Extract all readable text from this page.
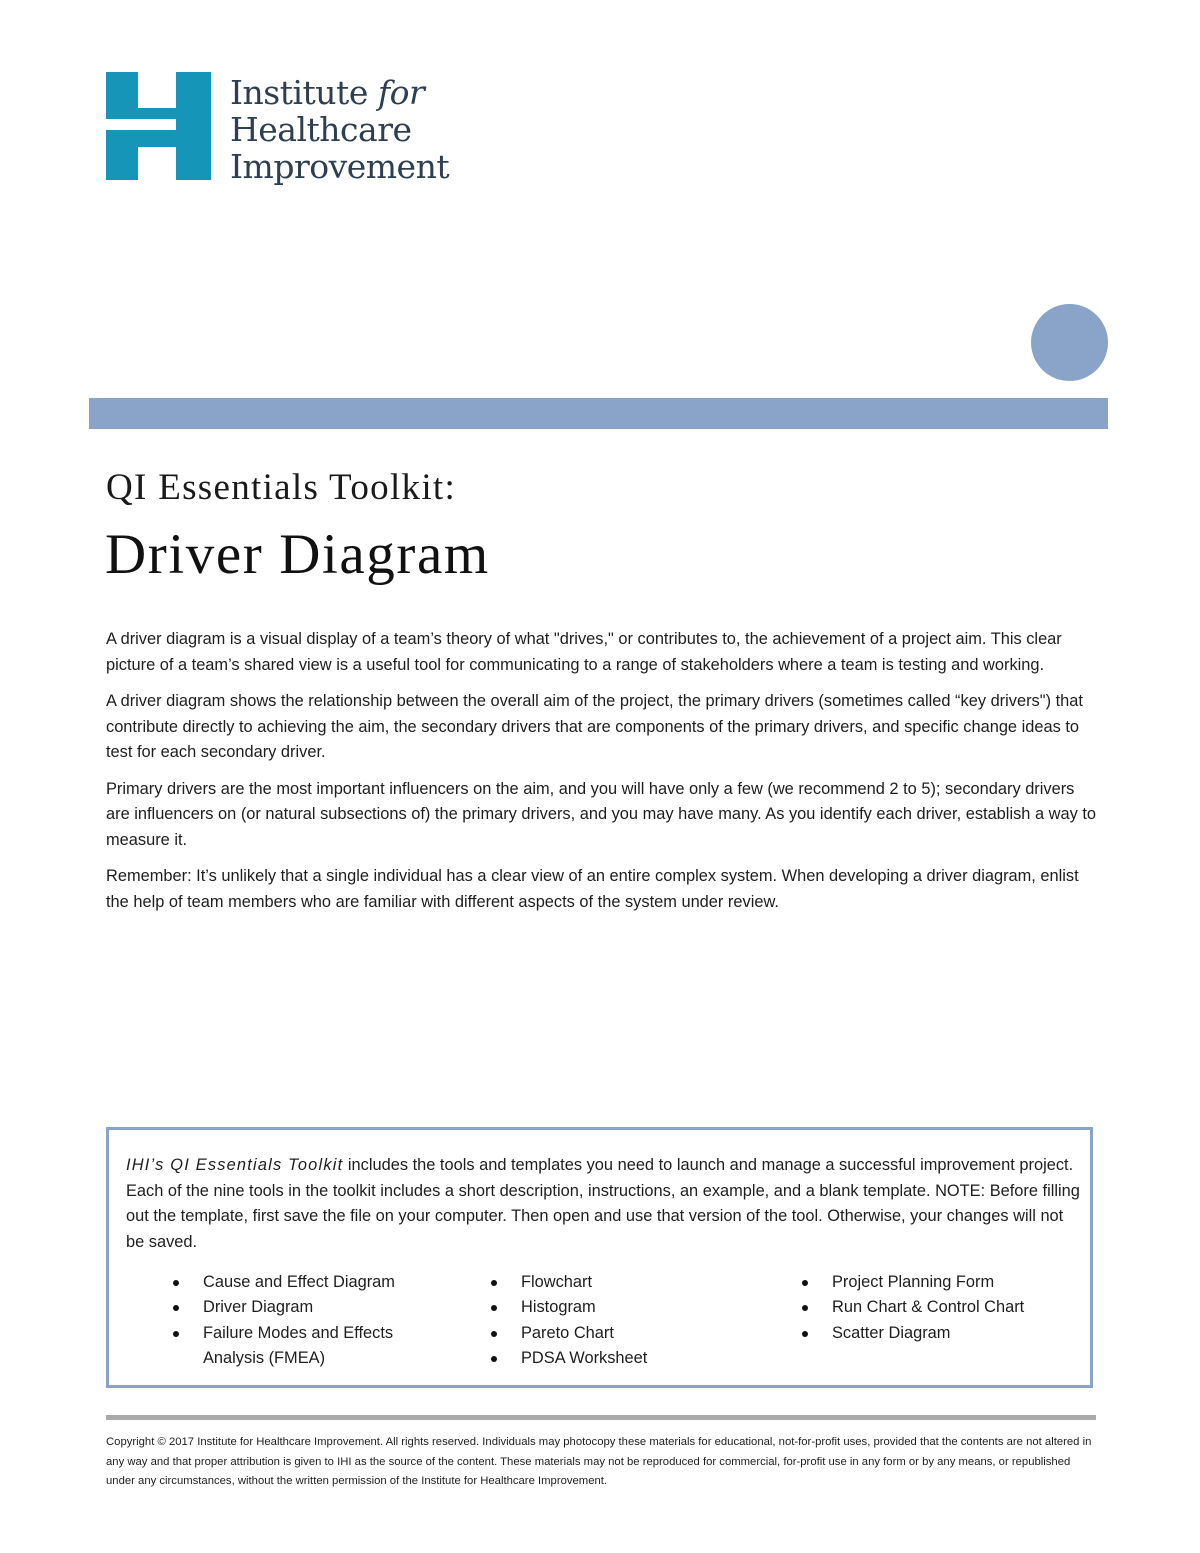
Institute for
Healthcare
Improvement
QI Essentials Toolkit:
Driver Diagram

A driver diagram is a visual display of a team’s theory of what "drives," or contributes to, the achievement of a project aim. This clear picture of a team’s shared view is a useful tool for communicating to a range of stakeholders where a team is testing and working.

A driver diagram shows the relationship between the overall aim of the project, the primary drivers (sometimes called “key drivers") that contribute directly to achieving the aim, the secondary drivers that are components of the primary drivers, and specific change ideas to test for each secondary driver.

Primary drivers are the most important influencers on the aim, and you will have only a few (we recommend 2 to 5); secondary drivers are influencers on (or natural subsections of) the primary drivers, and you may have many. As you identify each driver, establish a way to measure it.

Remember: It’s unlikely that a single individual has a clear view of an entire complex system. When developing a driver diagram, enlist the help of team members who are familiar with different aspects of the system under review.

IHI’s QI Essentials Toolkit includes the tools and templates you need to launch and manage a successful improvement project. Each of the nine tools in the toolkit includes a short description, instructions, an example, and a blank template. NOTE: Before filling out the template, first save the file on your computer. Then open and use that version of the tool. Otherwise, your changes will not be saved.

Cause and Effect Diagram
Driver Diagram
Failure Modes and Effects Analysis (FMEA)
Flowchart
Histogram
Pareto Chart
PDSA Worksheet
Project Planning Form
Run Chart & Control Chart
Scatter Diagram

Copyright © 2017 Institute for Healthcare Improvement. All rights reserved. Individuals may photocopy these materials for educational, not-for-profit uses, provided that the contents are not altered in any way and that proper attribution is given to IHI as the source of the content. These materials may not be reproduced for commercial, for-profit use in any form or by any means, or republished under any circumstances, without the written permission of the Institute for Healthcare Improvement.
